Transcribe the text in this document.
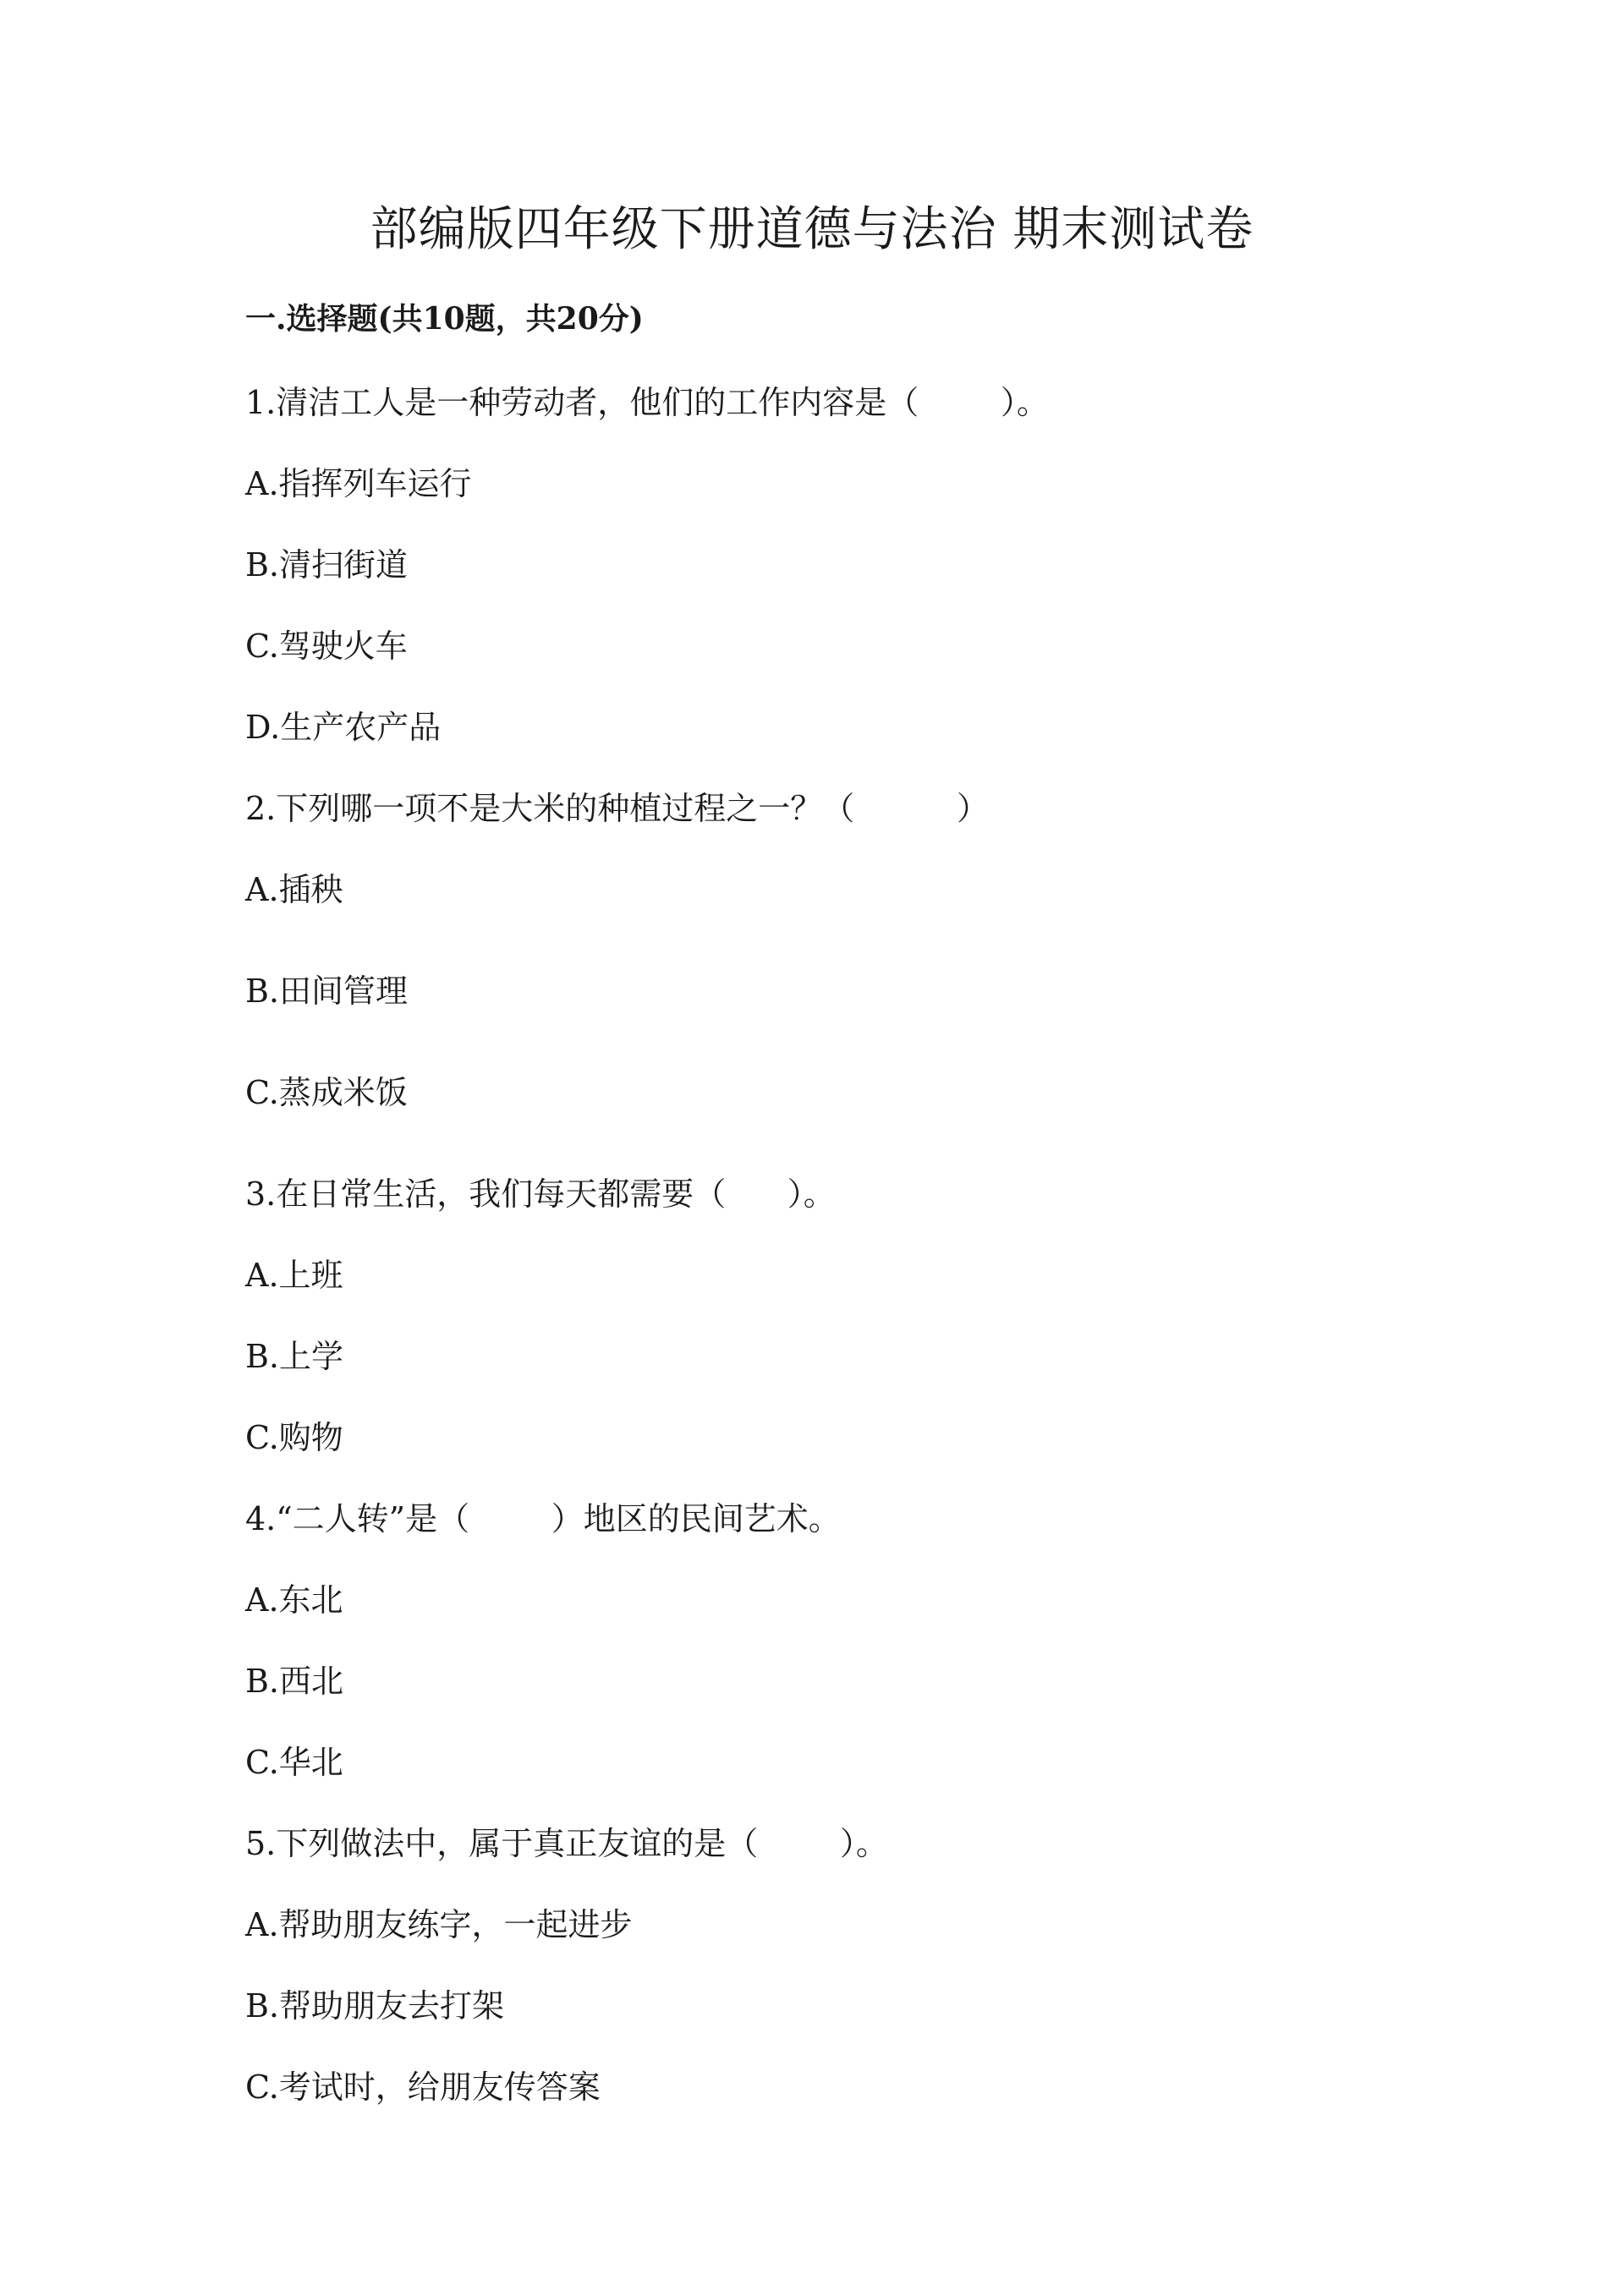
部编版四年级下册道德与法治 期末测试卷
一.选择题(共10题，共20分)
1.清洁工人是一种劳动者，他们的工作内容是（        ）。
A.指挥列车运行
B.清扫街道
C.驾驶火车
D.生产农产品
2.下列哪一项不是大米的种植过程之一？（          ）
A.插秧
B.田间管理
C.蒸成米饭
3.在日常生活，我们每天都需要（      ）。
A.上班
B.上学
C.购物
4.“二人转”是（        ）地区的民间艺术。
A.东北
B.西北
C.华北
5.下列做法中，属于真正友谊的是（        ）。
A.帮助朋友练字，一起进步
B.帮助朋友去打架
C.考试时，给朋友传答案
